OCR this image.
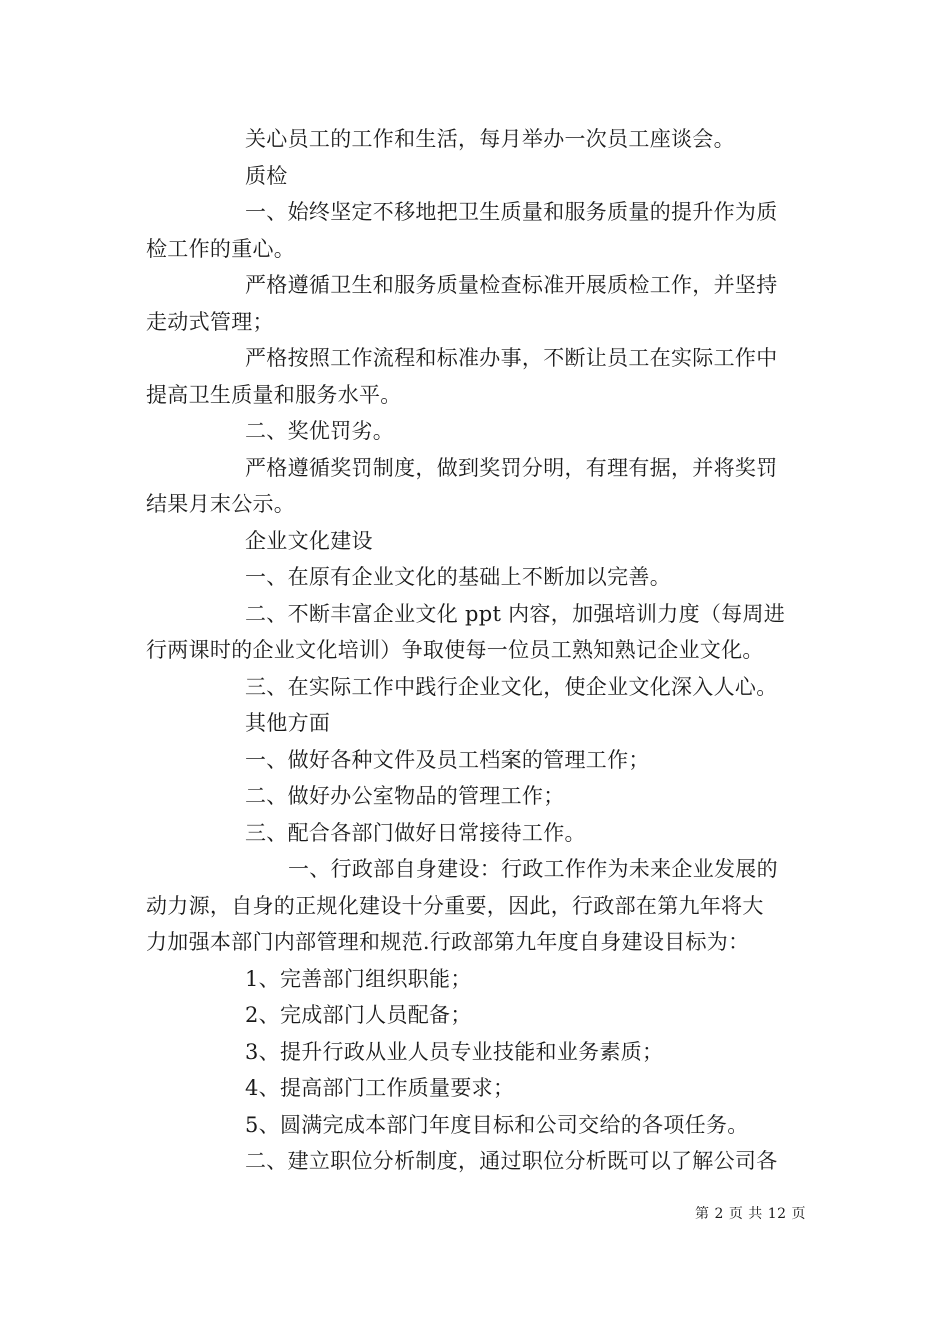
关心员工的工作和生活，每月举办一次员工座谈会。
质检
一、始终坚定不移地把卫生质量和服务质量的提升作为质
检工作的重心。
严格遵循卫生和服务质量检查标准开展质检工作，并坚持
走动式管理；
严格按照工作流程和标准办事，不断让员工在实际工作中
提高卫生质量和服务水平。
二、奖优罚劣。
严格遵循奖罚制度，做到奖罚分明，有理有据，并将奖罚
结果月末公示。
企业文化建设
一、在原有企业文化的基础上不断加以完善。
二、不断丰富企业文化 ppt 内容，加强培训力度（每周进
行两课时的企业文化培训）争取使每一位员工熟知熟记企业文化。
三、在实际工作中践行企业文化，使企业文化深入人心。
其他方面
一、做好各种文件及员工档案的管理工作；
二、做好办公室物品的管理工作；
三、配合各部门做好日常接待工作。
一、行政部自身建设：行政工作作为未来企业发展的
动力源，自身的正规化建设十分重要，因此，行政部在第九年将大
力加强本部门内部管理和规范.行政部第九年度自身建设目标为：
1、完善部门组织职能；
2、完成部门人员配备；
3、提升行政从业人员专业技能和业务素质；
4、提高部门工作质量要求；
5、圆满完成本部门年度目标和公司交给的各项任务。
二、建立职位分析制度，通过职位分析既可以了解公司各
第 2 页 共 12 页
